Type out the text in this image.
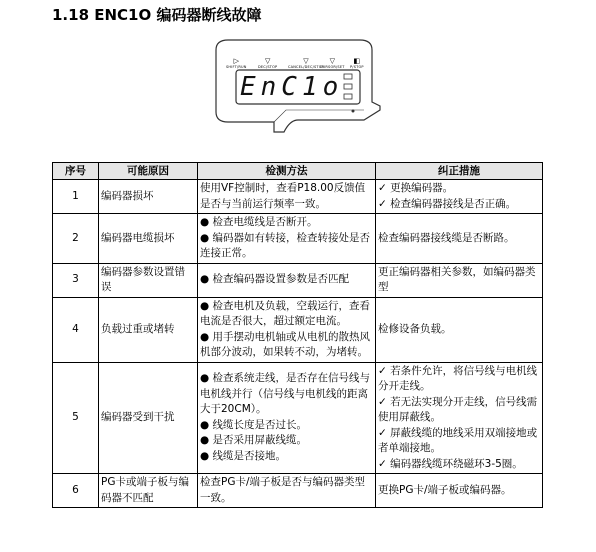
1.18 ENC1O 编码器断线故障
▷
SHIFT/RUN
▽
DEC/STOP
▽
CANCEL/DEC/STOP
▽
CURSOR/SET
◧
P/STOP
EnC1o
序号	可能原因	检测方法	纠正措施
1	编码器损坏	使用VF控制时，查看P18.00反馈值是否与当前运行频率一致。	✓ 更换编码器。
✓ 检查编码器接线是否正确。

2	编码器电缆损坏	● 检查电缆线是否断开。
● 编码器如有转接，检查转接处是否连接正常。	检查编码器接线缆是否断路。

3	编码器参数设置错误	● 检查编码器设置参数是否匹配	更正编码器相关参数，如编码器类型

4	负载过重或堵转	● 检查电机及负载，空载运行，查看电流是否很大，超过额定电流。
● 用手摆动电机轴或从电机的散热风机部分波动，如果转不动，为堵转。	检修设备负载。

5	编码器受到干扰	● 检查系统走线，是否存在信号线与电机线并行（信号线与电机线的距离大于20CM）。
● 线缆长度是否过长。
● 是否采用屏蔽线缆。
● 线缆是否接地。	✓ 若条件允许，将信号线与电机线分开走线。
✓ 若无法实现分开走线，信号线需使用屏蔽线。
✓ 屏蔽线缆的地线采用双端接地或者单端接地。
✓ 编码器线缆环绕磁环3-5圈。

6	PG卡或端子板与编码器不匹配	检查PG卡/端子板是否与编码器类型一致。	更换PG卡/端子板或编码器。
